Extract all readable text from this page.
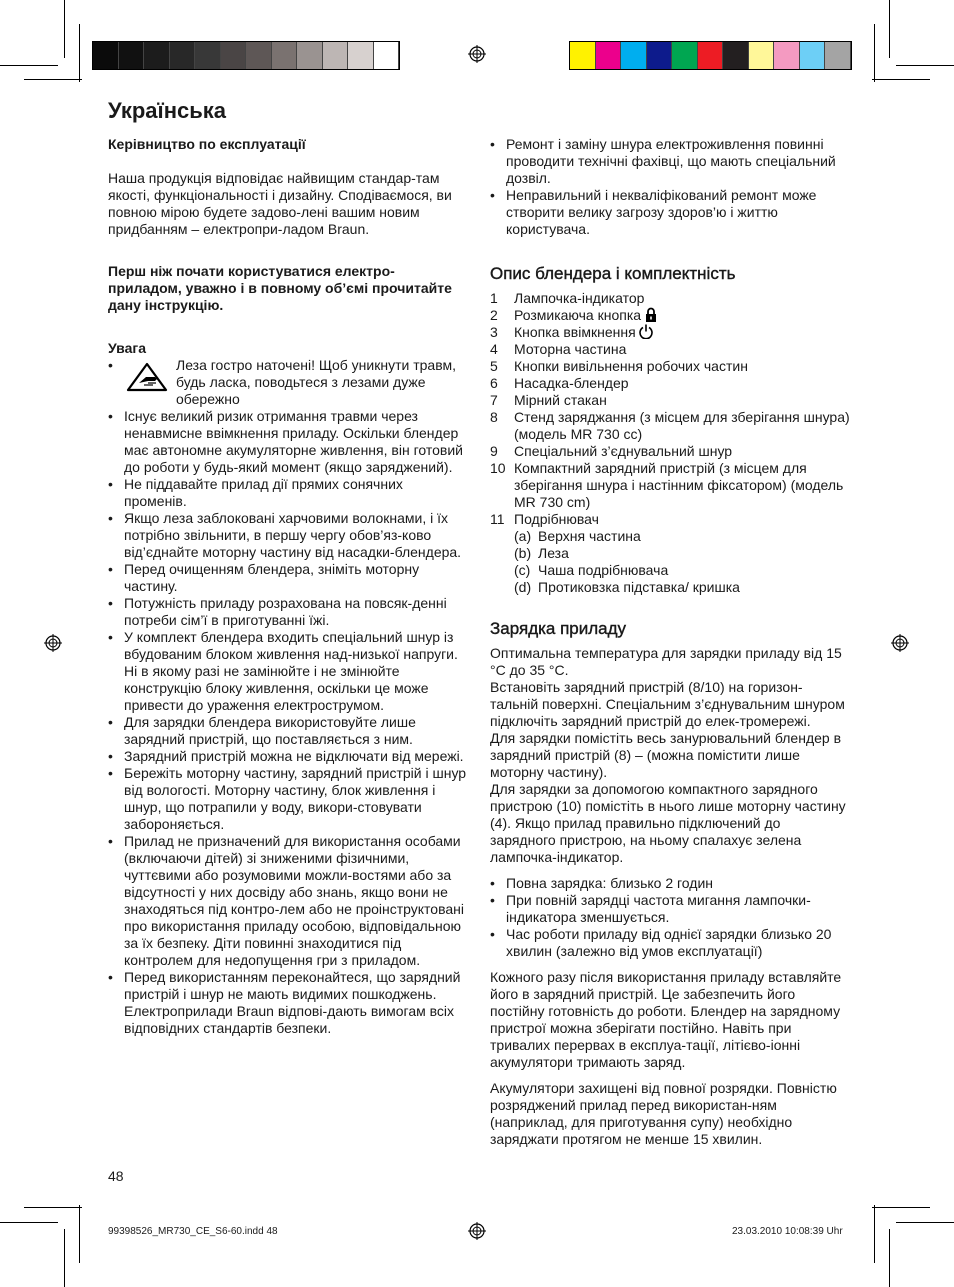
Українська

Керівництво по експлуатації

Наша продукція відповідає найвищим стандар-там якості, функціональності і дизайну. Сподіваємося, ви повною мірою будете задово-лені вашим новим придбанням – електропри-ладом Braun.

Перш ніж почати користуватися електро-приладом, уважно і в повному об’ємі прочитайте дану інструкцію.

Увага

• Леза гостро наточені! Щоб уникнути травм, будь ласка, поводьтеся з лезами дуже обережно
• Існує великий ризик отримання травми через ненавмисне ввімкнення приладу. Оскільки блендер має автономне акумуляторне живлення, він готовий до роботи у будь-який момент (якщо заряджений).
• Не піддавайте прилад дії прямих сонячних променів.
• Якщо леза заблоковані харчовими волокнами, і їх потрібно звільнити, в першу чергу обов’яз-ково від’єднайте моторну частину від насадки-блендера.
• Перед очищенням блендера, зніміть моторну частину.
• Потужність приладу розрахована на повсяк-денні потреби сім’ї в приготуванні їжі.
• У комплект блендера входить спеціальний шнур із вбудованим блоком живлення над-низької напруги. Ні в якому разі не замінюйте і не змінюйте конструкцію блоку живлення, оскільки це може привести до ураження електрострумом.
• Для зарядки блендера використовуйте лише зарядний пристрій, що поставляється з ним.
• Зарядний пристрій можна не відключати від мережі.
• Бережіть моторну частину, зарядний пристрій і шнур від вологості. Моторну частину, блок живлення і шнур, що потрапили у воду, викори-стовувати забороняється.
• Прилад не призначений для використання особами (включаючи дітей) зі зниженими фізичними, чуттєвими або розумовими можли-востями або за відсутності у них досвіду або знань, якщо вони не знаходяться під контро-лем або не проінструктовані про використання приладу особою, відповідальною за їх безпеку. Діти повинні знаходитися під контролем для недопущення гри з приладом.
• Перед використанням переконайтеся, що зарядний пристрій і шнур не мають видимих пошкоджень. Електроприлади Braun відпові-дають вимогам всіх відповідних стандартів безпеки.
• Ремонт і заміну шнура електроживлення повинні проводити технічні фахівці, що мають спеціальний дозвіл.
• Неправильний і некваліфікований ремонт може створити велику загрозу здоров’ю і життю користувача.
Опис блендера і комплектність
1	Лампочка-індикатор
2	Розмикаюча кнопка
3	Кнопка ввімкнення
4	Моторна частина
5	Кнопки вивільнення робочих частин
6	Насадка-блендер
7	Мірний стакан
8	Стенд заряджання (з місцем для зберігання шнура) (модель MR 730 cc)
9	Спеціальний з’єднувальний шнур
10 Компактний зарядний пристрій (з місцем для зберігання шнура і настінним фіксатором) (модель MR 730 cm)
11 Подрібнювач
(a) Верхня частина
(b) Леза
(c) Чаша подрібнювача
(d) Протиковзка підставка/ кришка
Зарядка приладу

Оптимальна температура для зарядки приладу від 15 °C до 35 °C.

Встановіть зарядний пристрій (8/10) на горизон-тальній поверхні. Спеціальним з’єднувальним шнуром підключіть зарядний пристрій до елек-тромережі.

Для зарядки помістіть весь занурювальний блендер в зарядний пристрій (8) – (можна помістити лише моторну частину).

Для зарядки за допомогою компактного зарядного пристрою (10) помістіть в нього лише моторну частину (4). Якщо прилад правильно підключений до зарядного пристрою, на ньому спалахує зелена лампочка-індикатор.

• Повна зарядка: близько 2 годин
• При повній зарядці частота мигання лампочки-індикатора зменшується.
• Час роботи приладу від однієї зарядки близько 20 хвилин (залежно від умов експлуатації)

Кожного разу після використання приладу вставляйте його в зарядний пристрій. Це забезпечить його постійну готовність до роботи. Блендер на зарядному пристрої можна зберігати постійно. Навіть при тривалих перервах в експлуа-тації, літієво-іонні акумулятори тримають заряд.

Акумулятори захищені від повної розрядки. Повністю розряджений прилад перед використан-ням (наприклад, для приготування супу) необхідно заряджати протягом не менше 15 хвилин.

48
99398526_MR730_CE_S6-60.indd 48	23.03.2010 10:08:39 Uhr
